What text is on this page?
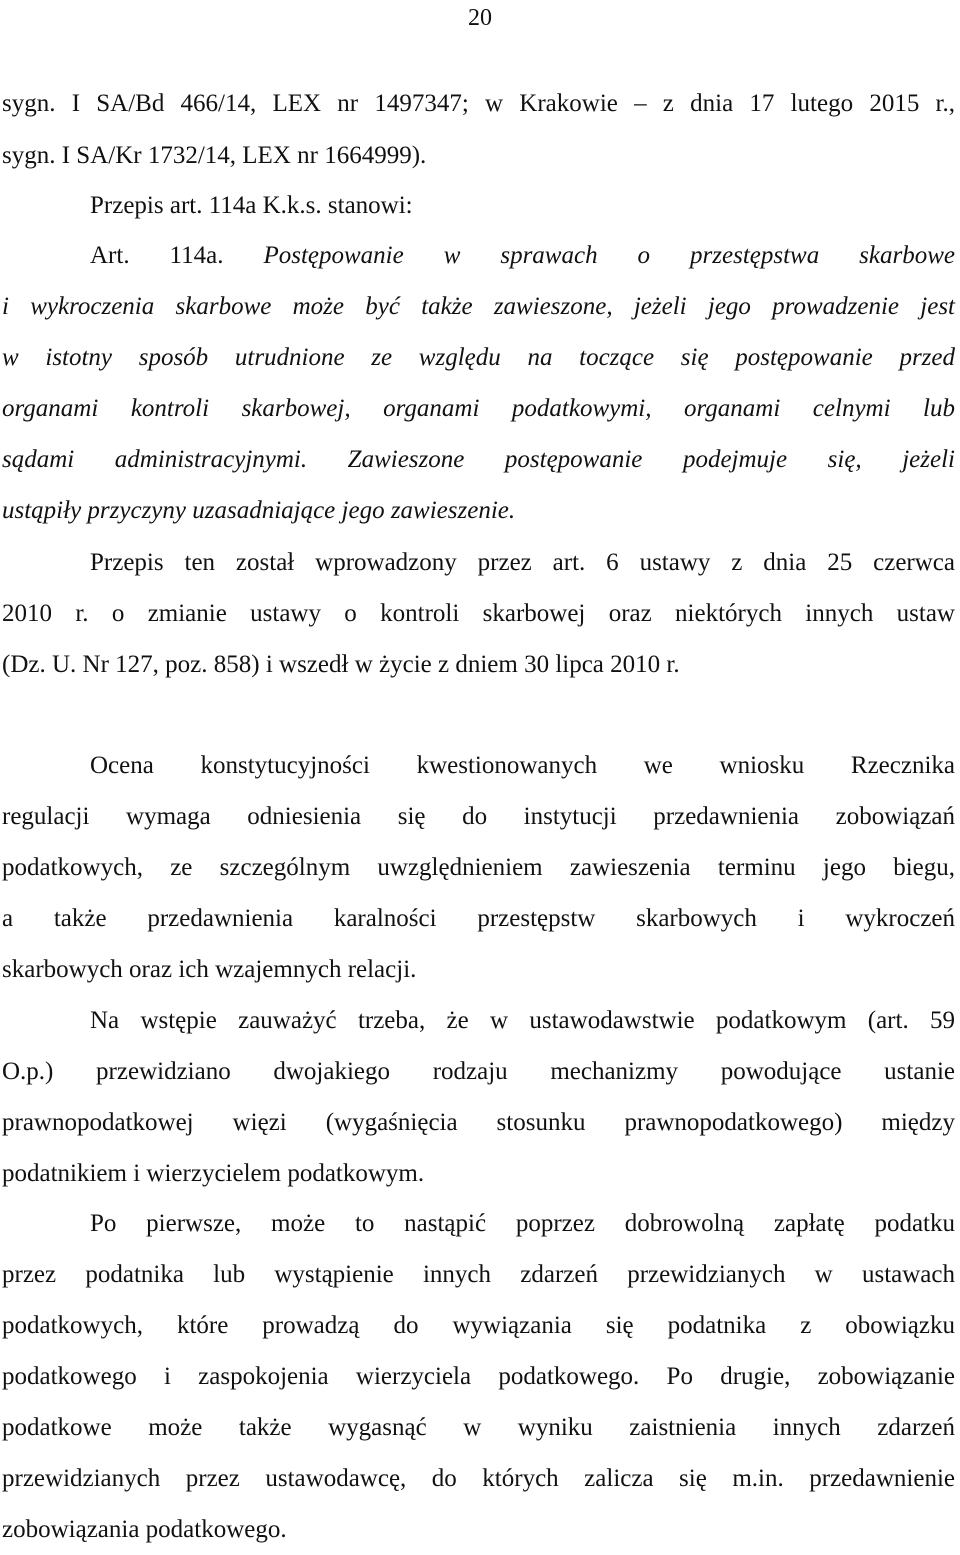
20
sygn. I SA/Bd 466/14, LEX nr 1497347; w Krakowie – z dnia 17 lutego 2015 r.,
sygn. I SA/Kr 1732/14, LEX nr 1664999).
Przepis art. 114a K.k.s. stanowi:
Art. 114a. Postępowanie w sprawach o przestępstwa skarbowe
i wykroczenia skarbowe może być także zawieszone, jeżeli jego prowadzenie jest
w istotny sposób utrudnione ze względu na toczące się postępowanie przed
organami kontroli skarbowej, organami podatkowymi, organami celnymi lub
sądami administracyjnymi. Zawieszone postępowanie podejmuje się, jeżeli
ustąpiły przyczyny uzasadniające jego zawieszenie.
Przepis ten został wprowadzony przez art. 6 ustawy z dnia 25 czerwca
2010 r. o zmianie ustawy o kontroli skarbowej oraz niektórych innych ustaw
(Dz. U. Nr 127, poz. 858) i wszedł w życie z dniem 30 lipca 2010 r.
Ocena konstytucyjności kwestionowanych we wniosku Rzecznika
regulacji wymaga odniesienia się do instytucji przedawnienia zobowiązań
podatkowych, ze szczególnym uwzględnieniem zawieszenia terminu jego biegu,
a także przedawnienia karalności przestępstw skarbowych i wykroczeń
skarbowych oraz ich wzajemnych relacji.
Na wstępie zauważyć trzeba, że w ustawodawstwie podatkowym (art. 59
O.p.) przewidziano dwojakiego rodzaju mechanizmy powodujące ustanie
prawnopodatkowej więzi (wygaśnięcia stosunku prawnopodatkowego) między
podatnikiem i wierzycielem podatkowym.
Po pierwsze, może to nastąpić poprzez dobrowolną zapłatę podatku
przez podatnika lub wystąpienie innych zdarzeń przewidzianych w ustawach
podatkowych, które prowadzą do wywiązania się podatnika z obowiązku
podatkowego i zaspokojenia wierzyciela podatkowego. Po drugie, zobowiązanie
podatkowe może także wygasnąć w wyniku zaistnienia innych zdarzeń
przewidzianych przez ustawodawcę, do których zalicza się m.in. przedawnienie
zobowiązania podatkowego.
